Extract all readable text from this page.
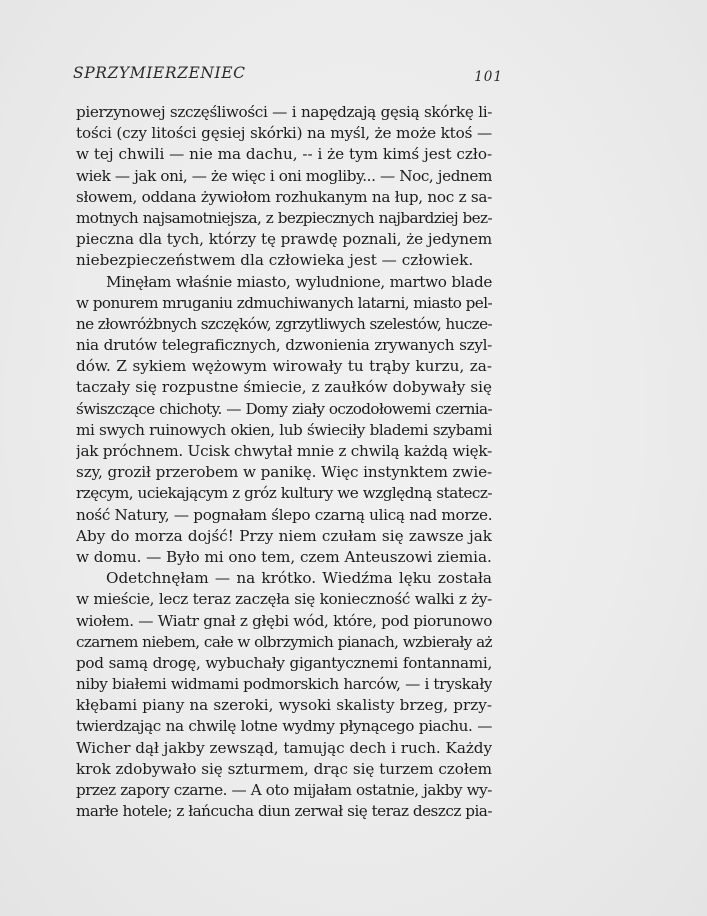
SPRZYMIERZENIEC	101
pierzynowej szczęśliwości — i napędzają gęsią skórkę li-
tości (czy litości gęsiej skórki) na myśl, że może ktoś —
w tej chwili — nie ma dachu, -- i że tym kimś jest czło-
wiek — jak oni, — że więc i oni mogliby... — Noc, jednem
słowem, oddana żywiołom rozhukanym na łup, noc z sa-
motnych najsamotniejsza, z bezpiecznych najbardziej bez-
pieczna dla tych, którzy tę prawdę poznali, że jedynem
niebezpieczeństwem dla człowieka jest — człowiek.
Minęłam właśnie miasto, wyludnione, martwo blade
w ponurem mruganiu zdmuchiwanych latarni, miasto pel-
ne złowróżbnych szczęków, zgrzytliwych szelestów, hucze-
nia drutów telegraficznych, dzwonienia zrywanych szyl-
dów. Z sykiem wężowym wirowały tu trąby kurzu, za-
taczały się rozpustne śmiecie, z zaułków dobywały się
świszczące chichoty. — Domy ziały oczodołowemi czernia-
mi swych ruinowych okien, lub świeciły blademi szybami
jak próchnem. Ucisk chwytał mnie z chwilą każdą więk-
szy, groził przerobem w panikę. Więc instynktem zwie-
rzęcym, uciekającym z gróz kultury we względną statecz-
ność Natury, — pognałam ślepo czarną ulicą nad morze.
Aby do morza dojść! Przy niem czułam się zawsze jak
w domu. — Było mi ono tem, czem Anteuszowi ziemia.
Odetchnęłam — na krótko. Wiedźma lęku została
w mieście, lecz teraz zaczęła się konieczność walki z ży-
wiołem. — Wiatr gnał z głębi wód, które, pod piorunowo
czarnem niebem, całe w olbrzymich pianach, wzbierały aż
pod samą drogę, wybuchały gigantycznemi fontannami,
niby białemi widmami podmorskich harców, — i tryskały
kłębami piany na szeroki, wysoki skalisty brzeg, przy-
twierdzając na chwilę lotne wydmy płynącego piachu. —
Wicher dął jakby zewsząd, tamując dech i ruch. Każdy
krok zdobywało się szturmem, drąc się turzem czołem
przez zapory czarne. — A oto mijałam ostatnie, jakby wy-
marłe hotele; z łańcucha diun zerwał się teraz deszcz pia-
